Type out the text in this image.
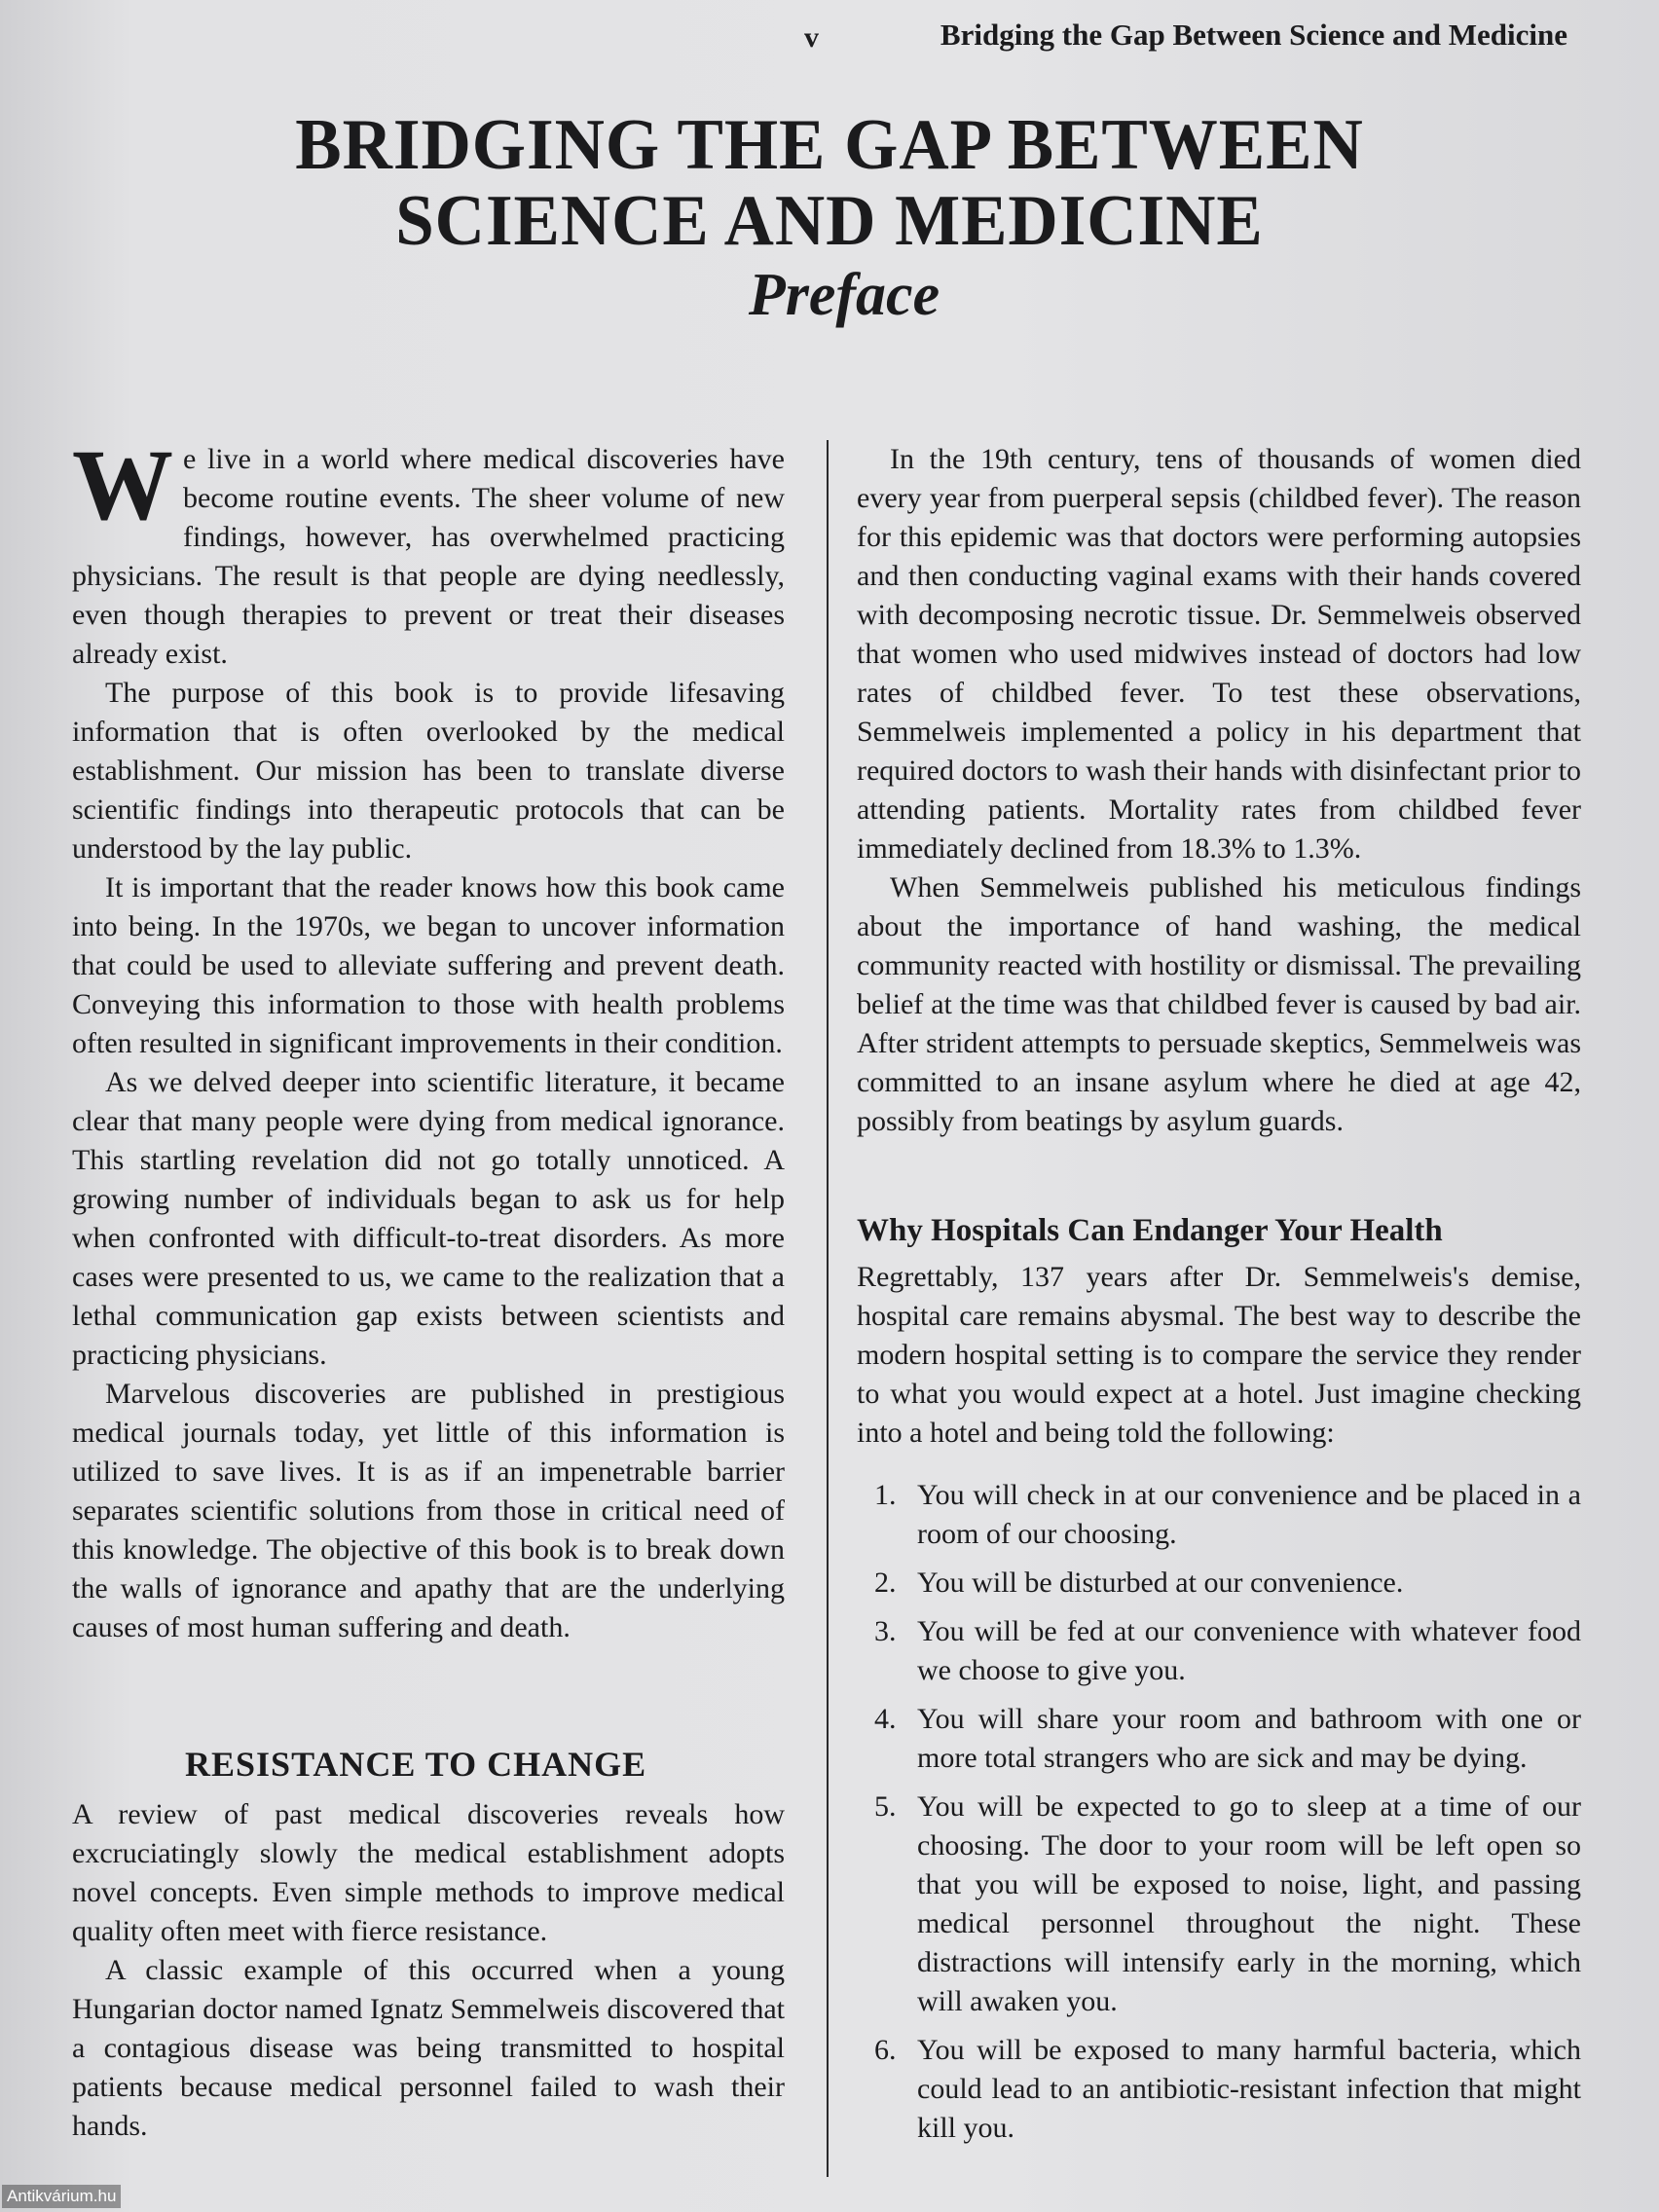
v	Bridging the Gap Between Science and Medicine
BRIDGING THE GAP BETWEEN
SCIENCE AND MEDICINE
Preface

We live in a world where medical discoveries have become routine events. The sheer volume of new findings, however, has overwhelmed practicing physicians. The result is that people are dying needlessly, even though therapies to prevent or treat their diseases already exist.

The purpose of this book is to provide lifesaving information that is often overlooked by the medical establishment. Our mission has been to translate diverse scientific findings into therapeutic protocols that can be understood by the lay public.

It is important that the reader knows how this book came into being. In the 1970s, we began to uncover information that could be used to alleviate suffering and prevent death. Conveying this information to those with health problems often resulted in significant improvements in their condition.

As we delved deeper into scientific literature, it became clear that many people were dying from medical ignorance. This startling revelation did not go totally unnoticed. A growing number of individuals began to ask us for help when confronted with difficult-to-treat disorders. As more cases were presented to us, we came to the realization that a lethal communication gap exists between scientists and practicing physicians.

Marvelous discoveries are published in prestigious medical journals today, yet little of this information is utilized to save lives. It is as if an impenetrable barrier separates scientific solutions from those in critical need of this knowledge. The objective of this book is to break down the walls of ignorance and apathy that are the underlying causes of most human suffering and death.

RESISTANCE TO CHANGE

A review of past medical discoveries reveals how excruciatingly slowly the medical establishment adopts novel concepts. Even simple methods to improve medical quality often meet with fierce resistance.

A classic example of this occurred when a young Hungarian doctor named Ignatz Semmelweis discovered that a contagious disease was being transmitted to hospital patients because medical personnel failed to wash their hands.

In the 19th century, tens of thousands of women died every year from puerperal sepsis (childbed fever). The reason for this epidemic was that doctors were performing autopsies and then conducting vaginal exams with their hands covered with decomposing necrotic tissue. Dr. Semmelweis observed that women who used midwives instead of doctors had low rates of childbed fever. To test these observations, Semmelweis implemented a policy in his department that required doctors to wash their hands with disinfectant prior to attending patients. Mortality rates from childbed fever immediately declined from 18.3% to 1.3%.

When Semmelweis published his meticulous findings about the importance of hand washing, the medical community reacted with hostility or dismissal. The prevailing belief at the time was that childbed fever is caused by bad air. After strident attempts to persuade skeptics, Semmelweis was committed to an insane asylum where he died at age 42, possibly from beatings by asylum guards.

Why Hospitals Can Endanger Your Health

Regrettably, 137 years after Dr. Semmelweis's demise, hospital care remains abysmal. The best way to describe the modern hospital setting is to compare the service they render to what you would expect at a hotel. Just imagine checking into a hotel and being told the following:

1. You will check in at our convenience and be placed in a room of our choosing.
2. You will be disturbed at our convenience.
3. You will be fed at our convenience with whatever food we choose to give you.
4. You will share your room and bathroom with one or more total strangers who are sick and may be dying.
5. You will be expected to go to sleep at a time of our choosing. The door to your room will be left open so that you will be exposed to noise, light, and passing medical personnel throughout the night. These distractions will intensify early in the morning, which will awaken you.
6. You will be exposed to many harmful bacteria, which could lead to an antibiotic-resistant infection that might kill you.
Antikvárium.hu
